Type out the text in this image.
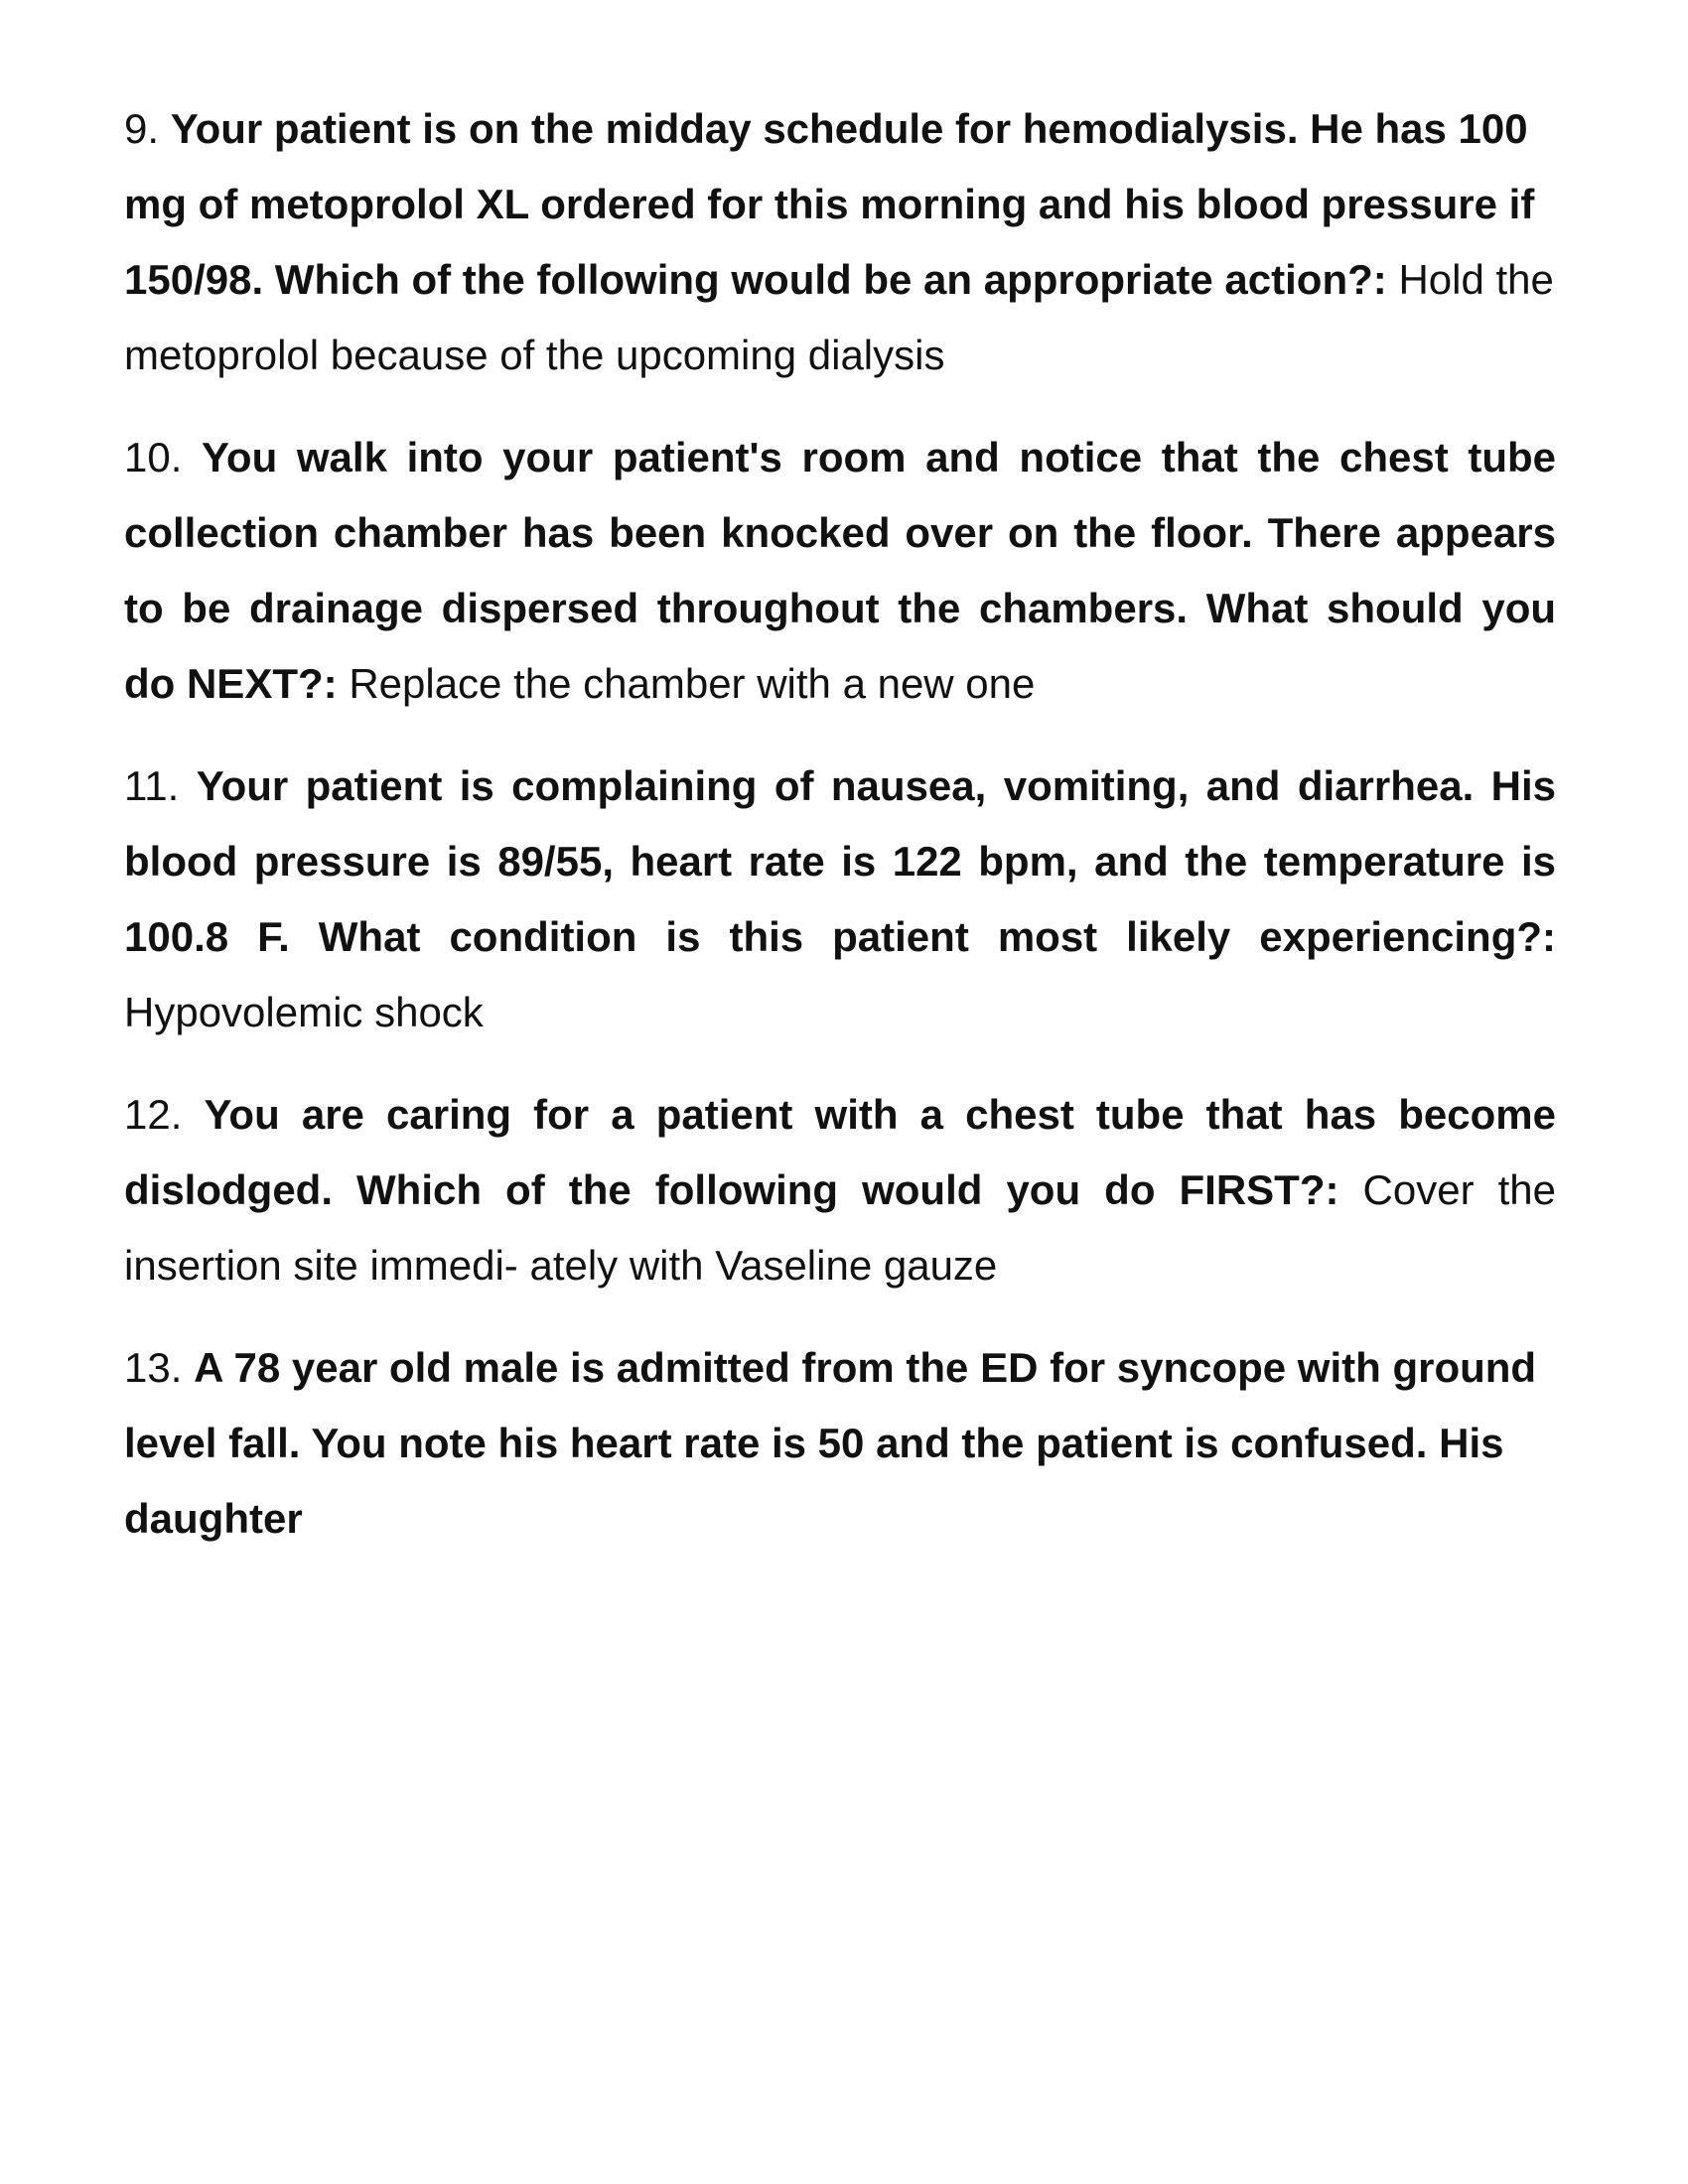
9. Your patient is on the midday schedule for hemodialysis. He has 100 mg of metoprolol XL ordered for this morning and his blood pressure if 150/98. Which of the following would be an appropriate action?: Hold the metoprolol because of the upcoming dialysis

10. You walk into your patient's room and notice that the chest tube collection chamber has been knocked over on the floor. There appears to be drainage dispersed throughout the chambers. What should you do NEXT?: Replace the chamber with a new one

11. Your patient is complaining of nausea, vomiting, and diarrhea. His blood pressure is 89/55, heart rate is 122 bpm, and the temperature is 100.8 F. What condition is this patient most likely experiencing?: Hypovolemic shock

12. You are caring for a patient with a chest tube that has become dislodged. Which of the following would you do FIRST?: Cover the insertion site immedi- ately with Vaseline gauze

13. A 78 year old male is admitted from the ED for syncope with ground level fall. You note his heart rate is 50 and the patient is confused. His daughter
